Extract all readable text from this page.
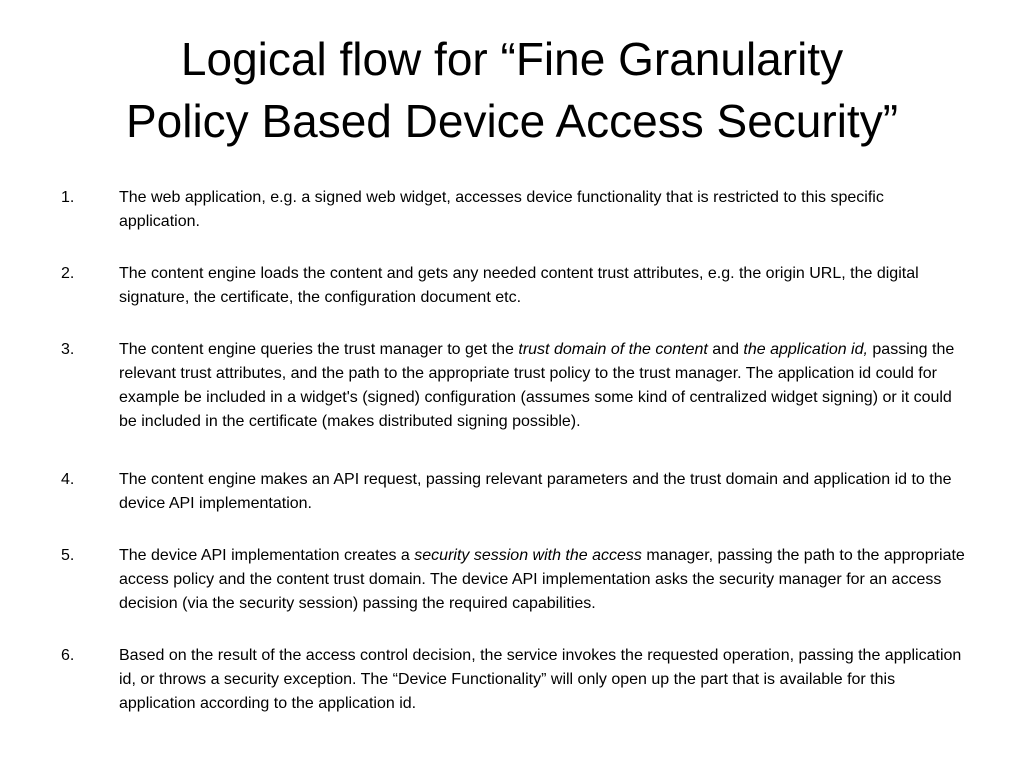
Logical flow for “Fine Granularity
Policy Based Device Access Security”
1.	The web application, e.g. a signed web widget, accesses device functionality that is restricted to this specific application.

2.	The content engine loads the content and gets any needed content trust attributes, e.g. the origin URL, the digital signature, the certificate, the configuration document etc.

3.	The content engine queries the trust manager to get the trust domain of the content and the application id, passing the relevant trust attributes, and the path to the appropriate trust policy to the trust manager. The application id could for example be included in a widget's (signed) configuration (assumes some kind of centralized widget signing) or it could be included in the certificate (makes distributed signing possible).

4.	The content engine makes an API request, passing relevant parameters and the trust domain and application id to the device API implementation.

5.	The device API implementation creates a security session with the access manager, passing the path to the appropriate access policy and the content trust domain. The device API implementation asks the security manager for an access decision (via the security session) passing the required capabilities.

6.	Based on the result of the access control decision, the service invokes the requested operation, passing the application id, or throws a security exception. The “Device Functionality” will only open up the part that is available for this application according to the application id.
